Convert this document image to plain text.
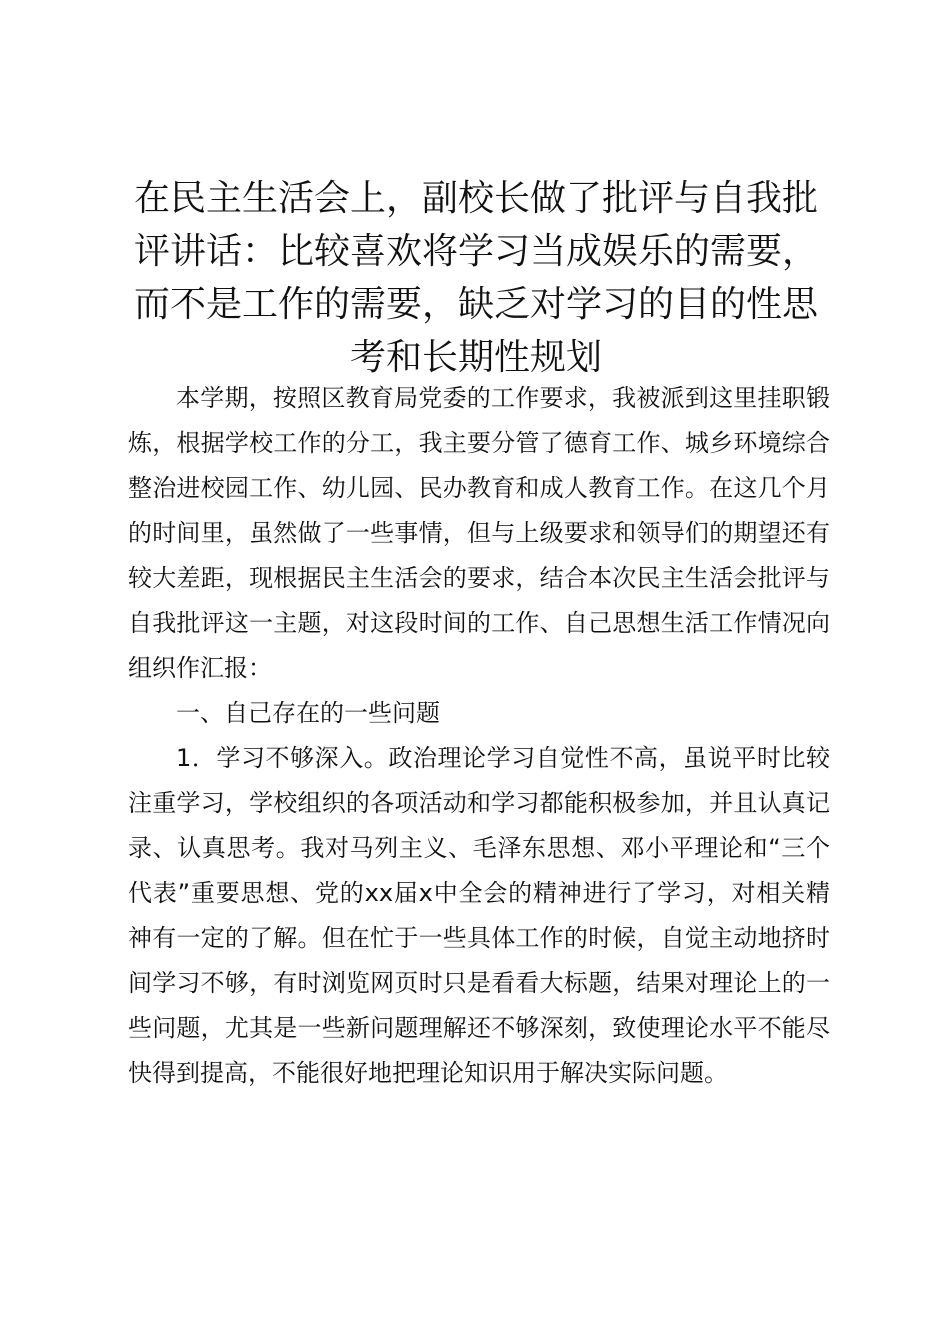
在民主生活会上，副校长做了批评与自我批评讲话：比较喜欢将学习当成娱乐的需要，而不是工作的需要，缺乏对学习的目的性思考和长期性规划

本学期，按照区教育局党委的工作要求，我被派到这里挂职锻炼，根据学校工作的分工，我主要分管了德育工作、城乡环境综合整治进校园工作、幼儿园、民办教育和成人教育工作。在这几个月的时间里，虽然做了一些事情，但与上级要求和领导们的期望还有较大差距，现根据民主生活会的要求，结合本次民主生活会批评与自我批评这一主题，对这段时间的工作、自己思想生活工作情况向组织作汇报：

一、自己存在的一些问题

1．学习不够深入。政治理论学习自觉性不高，虽说平时比较注重学习，学校组织的各项活动和学习都能积极参加，并且认真记录、认真思考。我对马列主义、毛泽东思想、邓小平理论和“三个代表”重要思想、党的xx届x中全会的精神进行了学习，对相关精神有一定的了解。但在忙于一些具体工作的时候，自觉主动地挤时间学习不够，有时浏览网页时只是看看大标题，结果对理论上的一些问题，尤其是一些新问题理解还不够深刻，致使理论水平不能尽快得到提高，不能很好地把理论知识用于解决实际问题。
